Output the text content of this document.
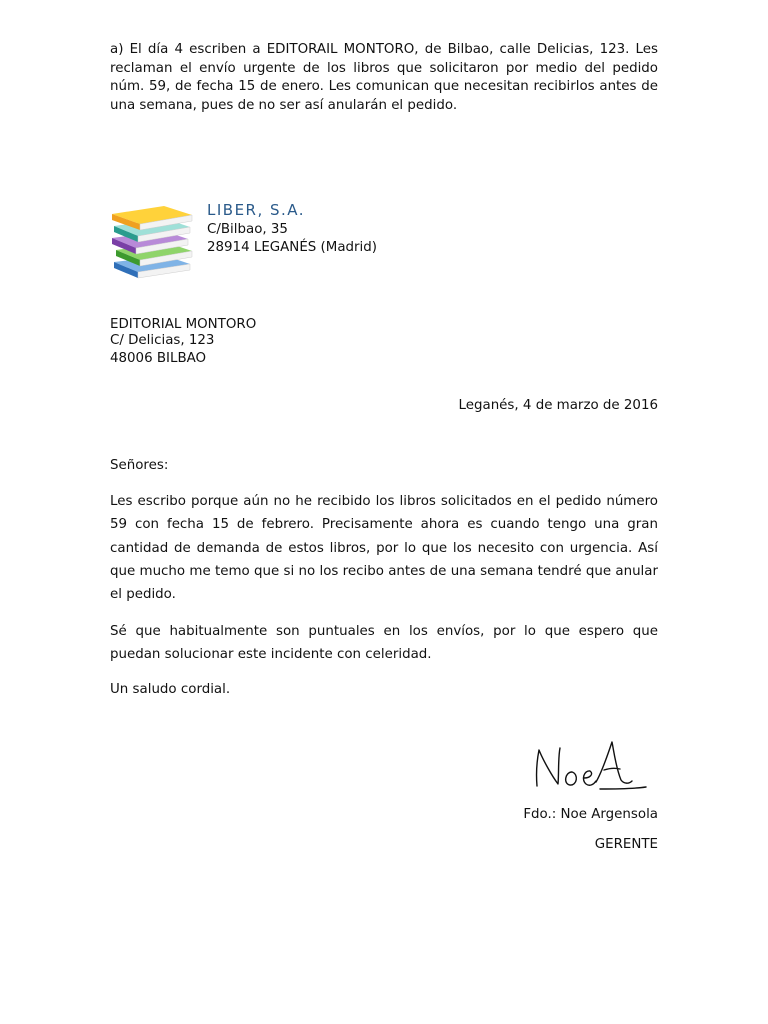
a) El día 4 escriben a EDITORAIL MONTORO, de Bilbao, calle Delicias, 123. Les reclaman el envío urgente de los libros que solicitaron por medio del pedido núm. 59, de fecha 15 de enero. Les comunican que necesitan recibirlos antes de una semana, pues de no ser así anularán el pedido.

LIBER, S.A.

C/Bilbao, 35

28914 LEGANÉS (Madrid)

EDITORIAL MONTORO

C/ Delicias, 123

48006 BILBAO

Leganés, 4 de marzo de 2016

Señores:

Les escribo porque aún no he recibido los libros solicitados en el pedido número 59 con fecha 15 de febrero. Precisamente ahora es cuando tengo una gran cantidad de demanda de estos libros, por lo que los necesito con urgencia. Así que mucho me temo que si no los recibo antes de una semana tendré que anular el pedido.

Sé que habitualmente son puntuales en los envíos, por lo que espero que puedan solucionar este incidente con celeridad.

Un saludo cordial.

Fdo.: Noe Argensola

GERENTE
